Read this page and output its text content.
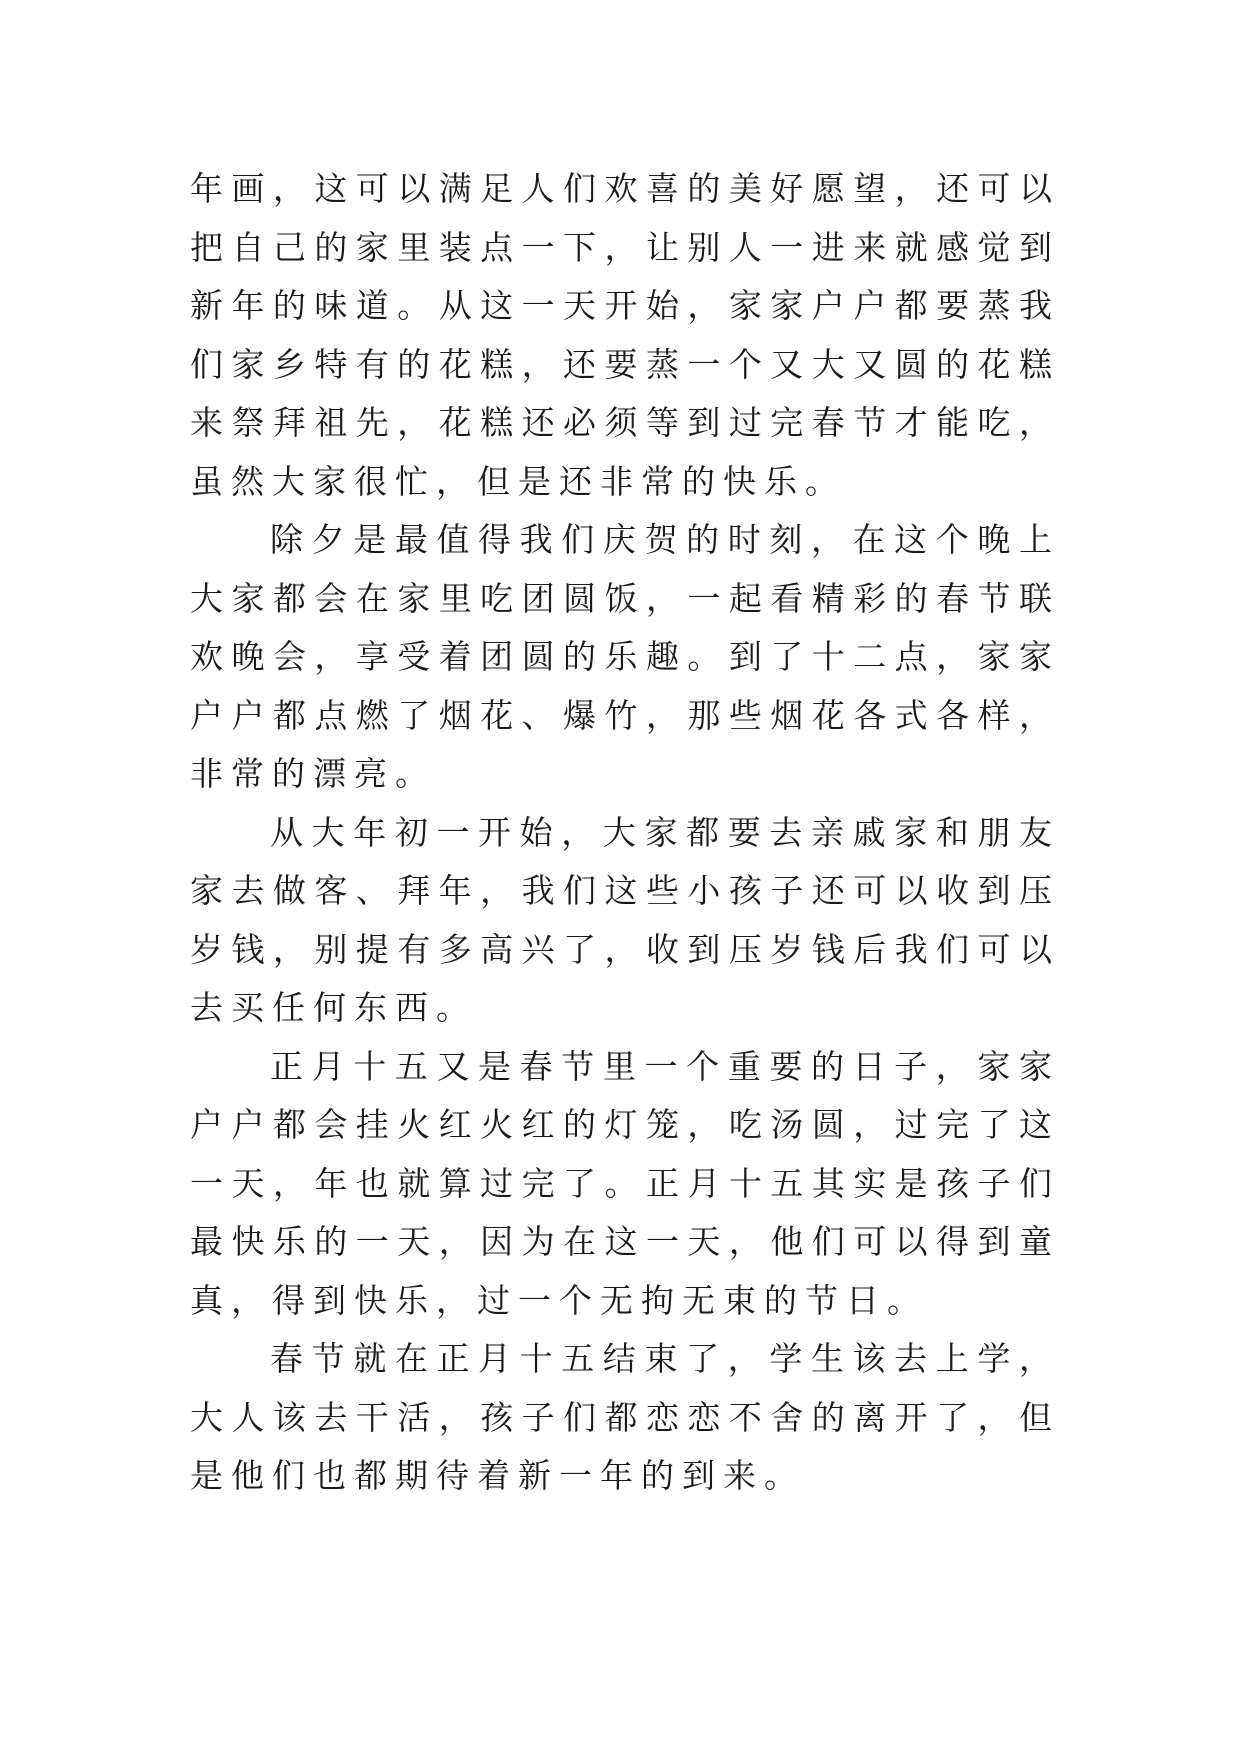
年画，这可以满足人们欢喜的美好愿望，还可以把自己的家里装点一下，让别人一进来就感觉到新年的味道。从这一天开始，家家户户都要蒸我们家乡特有的花糕，还要蒸一个又大又圆的花糕来祭拜祖先，花糕还必须等到过完春节才能吃，虽然大家很忙，但是还非常的快乐。

除夕是最值得我们庆贺的时刻，在这个晚上大家都会在家里吃团圆饭，一起看精彩的春节联欢晚会，享受着团圆的乐趣。到了十二点，家家户户都点燃了烟花、爆竹，那些烟花各式各样，非常的漂亮。

从大年初一开始，大家都要去亲戚家和朋友家去做客、拜年，我们这些小孩子还可以收到压岁钱，别提有多高兴了，收到压岁钱后我们可以去买任何东西。

正月十五又是春节里一个重要的日子，家家户户都会挂火红火红的灯笼，吃汤圆，过完了这一天，年也就算过完了。正月十五其实是孩子们最快乐的一天，因为在这一天，他们可以得到童真，得到快乐，过一个无拘无束的节日。

春节就在正月十五结束了，学生该去上学，大人该去干活，孩子们都恋恋不舍的离开了，但是他们也都期待着新一年的到来。
